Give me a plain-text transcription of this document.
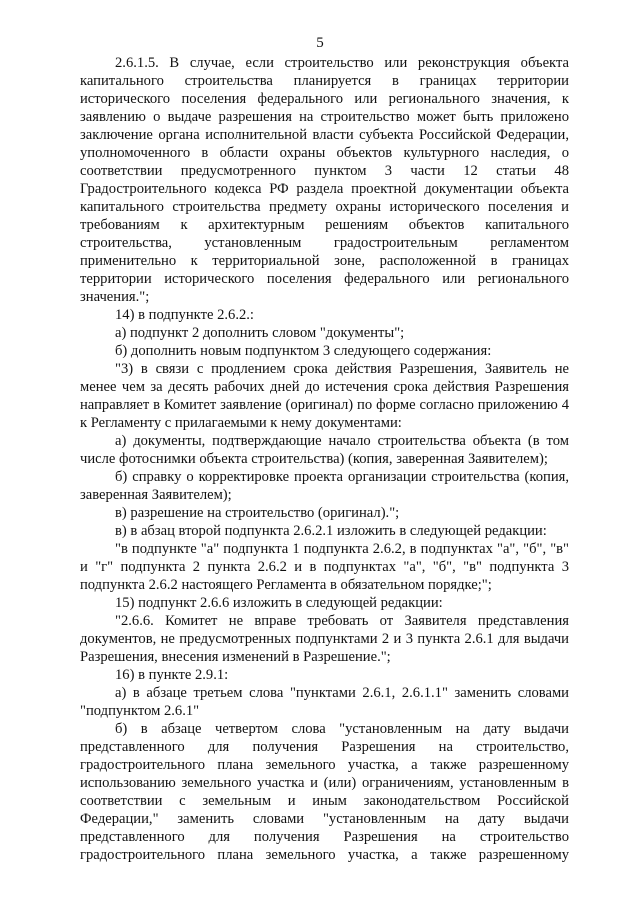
5

2.6.1.5. В случае, если строительство или реконструкция объекта капитального строительства планируется в границах территории исторического поселения федерального или регионального значения, к заявлению о выдаче разрешения на строительство может быть приложено заключение органа исполнительной власти субъекта Российской Федерации, уполномоченного в области охраны объектов культурного наследия, о соответствии предусмотренного пунктом 3 части 12 статьи 48 Градостроительного кодекса РФ раздела проектной документации объекта капитального строительства предмету охраны исторического поселения и требованиям к архитектурным решениям объектов капитального строительства, установленным градостроительным регламентом применительно к территориальной зоне, расположенной в границах территории исторического поселения федерального или регионального значения.";

14) в подпункте 2.6.2.:

а) подпункт 2 дополнить словом "документы";

б) дополнить новым подпунктом 3 следующего содержания:

"3) в связи с продлением срока действия Разрешения, Заявитель не менее чем за десять рабочих дней до истечения срока действия Разрешения направляет в Комитет заявление (оригинал) по форме согласно приложению 4 к Регламенту с прилагаемыми к нему документами:

а) документы, подтверждающие начало строительства объекта (в том числе фотоснимки объекта строительства) (копия, заверенная Заявителем);

б) справку о корректировке проекта организации строительства (копия, заверенная Заявителем);

в) разрешение на строительство (оригинал).";

в) в абзац второй подпункта 2.6.2.1 изложить в следующей редакции:

"в подпункте "а" подпункта 1 подпункта 2.6.2, в подпунктах "а", "б", "в" и "г" подпункта 2 пункта 2.6.2 и в подпунктах "а", "б", "в" подпункта 3 подпункта 2.6.2 настоящего Регламента в обязательном порядке;";

15) подпункт 2.6.6 изложить в следующей редакции:

"2.6.6. Комитет не вправе требовать от Заявителя представления документов, не предусмотренных подпунктами 2 и 3 пункта 2.6.1 для выдачи Разрешения, внесения изменений в Разрешение.";

16) в пункте 2.9.1:

а) в абзаце третьем слова "пунктами 2.6.1, 2.6.1.1" заменить словами "подпунктом 2.6.1"

б) в абзаце четвертом слова "установленным на дату выдачи представленного для получения Разрешения на строительство, градостроительного плана земельного участка, а также разрешенному использованию земельного участка и (или) ограничениям, установленным в соответствии с земельным и иным законодательством Российской Федерации," заменить словами "установленным на дату выдачи представленного для получения Разрешения на строительство градостроительного плана земельного участка, а также разрешенному
